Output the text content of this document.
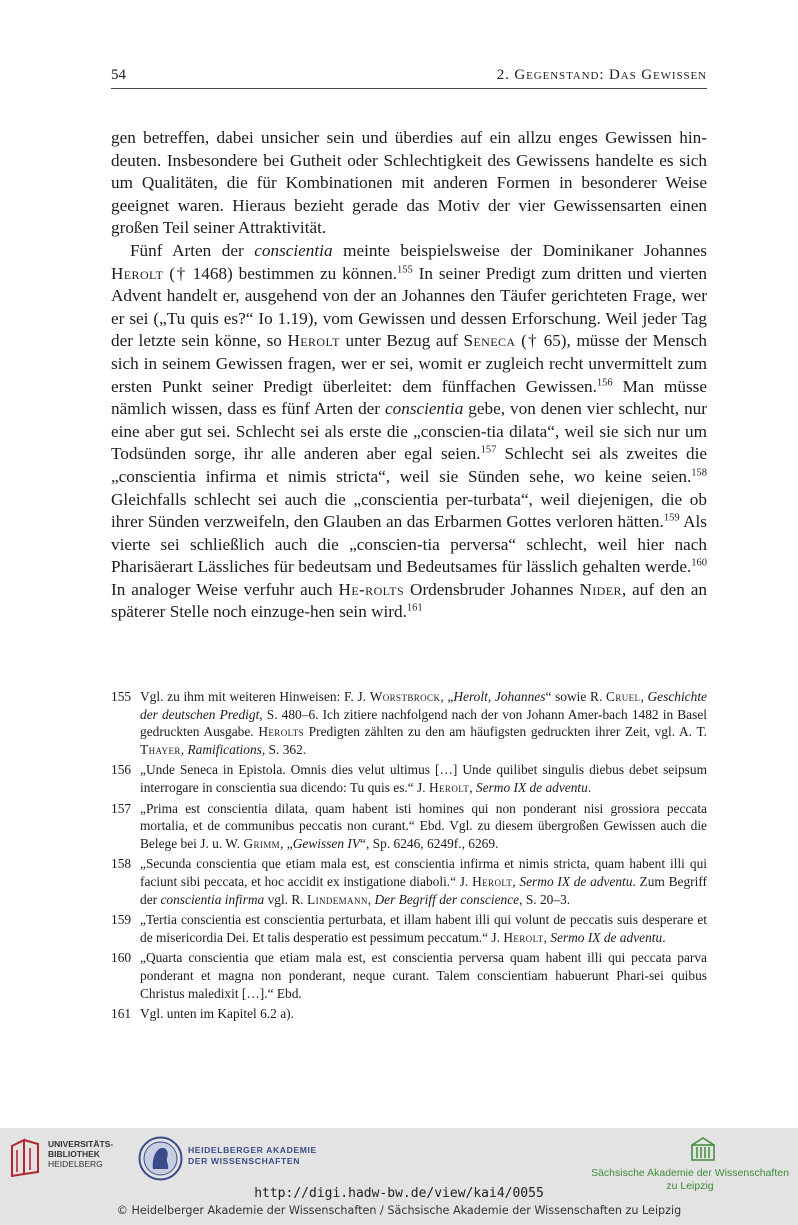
54	2. Gegenstand: Das Gewissen

gen betreffen, dabei unsicher sein und überdies auf ein allzu enges Gewissen hin-deuten. Insbesondere bei Gutheit oder Schlechtigkeit des Gewissens handelte es sich um Qualitäten, die für Kombinationen mit anderen Formen in besonderer Weise geeignet waren. Hieraus bezieht gerade das Motiv der vier Gewissensarten einen großen Teil seiner Attraktivität.

Fünf Arten der conscientia meinte beispielsweise der Dominikaner Johannes Herolt († 1468) bestimmen zu können.$^{155}$ In seiner Predigt zum dritten und vierten Advent handelt er, ausgehend von der an Johannes den Täufer gerichteten Frage, wer er sei („Tu quis es?“ Io 1.19), vom Gewissen und dessen Erforschung. Weil jeder Tag der letzte sein könne, so Herolt unter Bezug auf Seneca († 65), müsse der Mensch sich in seinem Gewissen fragen, wer er sei, womit er zugleich recht unvermittelt zum ersten Punkt seiner Predigt überleitet: dem fünffachen Gewissen.$^{156}$ Man müsse nämlich wissen, dass es fünf Arten der conscientia gebe, von denen vier schlecht, nur eine aber gut sei. Schlecht sei als erste die „conscien-tia dilata“, weil sie sich nur um Todsünden sorge, ihr alle anderen aber egal seien.$^{157}$ Schlecht sei als zweites die „conscientia infirma et nimis stricta“, weil sie Sünden sehe, wo keine seien.$^{158}$ Gleichfalls schlecht sei auch die „conscientia per-turbata“, weil diejenigen, die ob ihrer Sünden verzweifeln, den Glauben an das Erbarmen Gottes verloren hätten.$^{159}$ Als vierte sei schließlich auch die „conscien-tia perversa“ schlecht, weil hier nach Pharisäerart Lässliches für bedeutsam und Bedeutsames für lässlich gehalten werde.$^{160}$ In analoger Weise verfuhr auch He-rolts Ordensbruder Johannes Nider, auf den an späterer Stelle noch einzuge-hen sein wird.$^{161}$

155 Vgl. zu ihm mit weiteren Hinweisen: F. J. Worstbrock, „Herolt, Johannes“ sowie R. Cruel, Geschichte der deutschen Predigt, S. 480–6. Ich zitiere nachfolgend nach der von Johann Amer-bach 1482 in Basel gedruckten Ausgabe. Herolts Predigten zählten zu den am häufigsten gedruckten ihrer Zeit, vgl. A. T. Thayer, Ramifications, S. 362.
156 „Unde Seneca in Epistola. Omnis dies velut ultimus […] Unde quilibet singulis diebus debet seipsum interrogare in conscientia sua dicendo: Tu quis es.“ J. Herolt, Sermo IX de adventu.
157 „Prima est conscientia dilata, quam habent isti homines qui non ponderant nisi grossiora peccata mortalia, et de communibus peccatis non curant.“ Ebd. Vgl. zu diesem übergroßen Gewissen auch die Belege bei J. u. W. Grimm, „Gewissen IV“, Sp. 6246, 6249f., 6269.
158 „Secunda conscientia que etiam mala est, est conscientia infirma et nimis stricta, quam habent illi qui faciunt sibi peccata, et hoc accidit ex instigatione diaboli.“ J. Herolt, Sermo IX de adventu. Zum Begriff der conscientia infirma vgl. R. Lindemann, Der Begriff der conscience, S. 20–3.
159 „Tertia conscientia est conscientia perturbata, et illam habent illi qui volunt de peccatis suis desperare et de misericordia Dei. Et talis desperatio est pessimum peccatum.“ J. Herolt, Sermo IX de adventu.
160 „Quarta conscientia que etiam mala est, est conscientia perversa quam habent illi qui peccata parva ponderant et magna non ponderant, neque curant. Talem conscientiam habuerunt Phari-sei quibus Christus maledixit […].“ Ebd.
161 Vgl. unten im Kapitel 6.2 a).
UNIVERSITÄTS-
BIBLIOTHEK
HEIDELBERG
HEIDELBERGER AKADEMIE
DER WISSENSCHAFTEN
Sächsische Akademie der Wissenschaften
zu Leipzig
http://digi.hadw-bw.de/view/kai4/0055
© Heidelberger Akademie der Wissenschaften / Sächsische Akademie der Wissenschaften zu Leipzig
